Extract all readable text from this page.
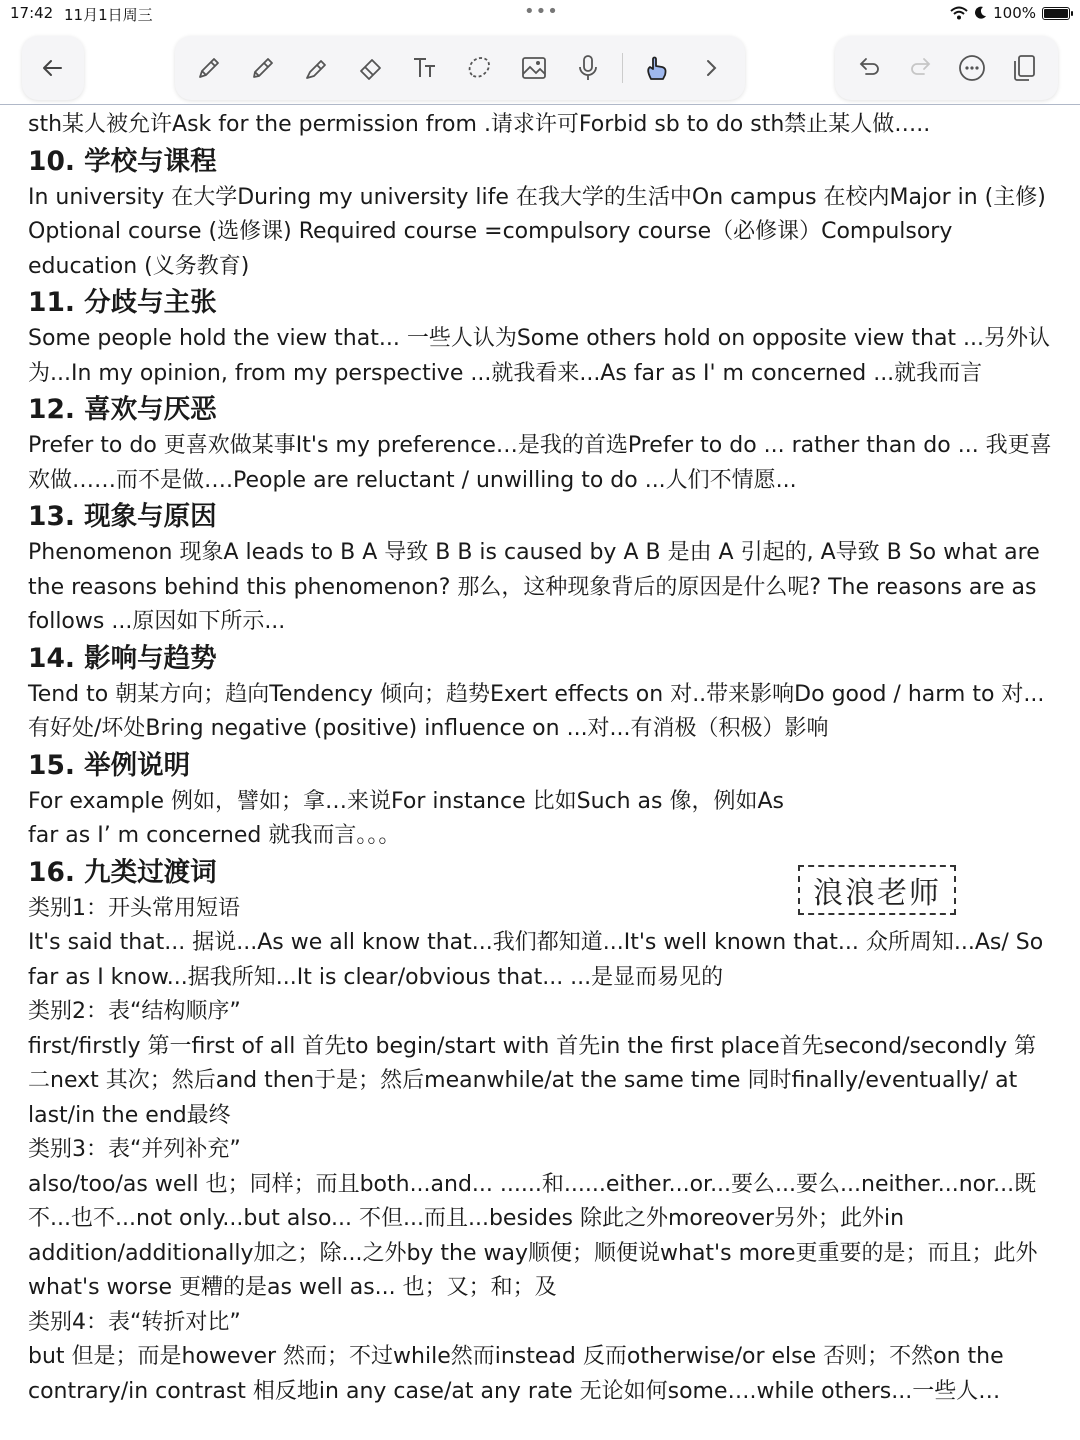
17:42 11月1日周三	•••	100%

sth某人被允许Ask for the permission from .请求许可Forbid sb to do sth禁止某人做…..

10. 学校与课程

In university 在大学During my university life 在我大学的生活中On campus 在校内Major in (主修) Optional course (选修课) Required course =compulsory course（必修课）Compulsory education (义务教育)

11. 分歧与主张

Some people hold the view that... 一些人认为Some others hold on opposite view that ...另外认为...In my opinion, from my perspective ...就我看来...As far as I' m concerned ...就我而言

12. 喜欢与厌恶

Prefer to do 更喜欢做某事It's my preference…是我的首选Prefer to do ... rather than do ... 我更喜欢做……而不是做….People are reluctant / unwilling to do ...人们不情愿...

13. 现象与原因

Phenomenon 现象A leads to B A 导致 B B is caused by A B 是由 A 引起的, A导致 B So what are the reasons behind this phenomenon? 那么，这种现象背后的原因是什么呢? The reasons are as follows ...原因如下所示...

14. 影响与趋势

Tend to 朝某方向；趋向Tendency 倾向；趋势Exert effects on 对..带来影响Do good / harm to 对...有好处/坏处Bring negative (positive) influence on ...对...有消极（积极）影响

15. 举例说明

For example 例如，譬如；拿…来说For instance 比如Such as 像，例如As far as I’ m concerned 就我而言。。。

16. 九类过渡词

类别1：开头常用短语

It's said that... 据说...As we all know that...我们都知道...It's well known that... 众所周知...As/ So far as I know...据我所知...It is clear/obvious that... ...是显而易见的

类别2：表“结构顺序”

first/firstly 第一first of all 首先to begin/start with 首先in the first place首先second/secondly 第二next 其次；然后and then于是；然后meanwhile/at the same time 同时finally/eventually/ at last/in the end最终

类别3：表“并列补充”

also/too/as well 也；同样；而且both...and... ......和......either...or...要么...要么...neither...nor...既不...也不...not only...but also... 不但...而且...besides 除此之外moreover另外；此外in addition/additionally加之；除...之外by the way顺便；顺便说what's more更重要的是；而且；此外what's worse 更糟的是as well as... 也；又；和；及

类别4：表“转折对比”

but 但是；而是however 然而；不过while然而instead 反而otherwise/or else 否则；不然on the contrary/in contrast 相反地in any case/at any rate 无论如何some….while others...一些人…

浪浪老师
